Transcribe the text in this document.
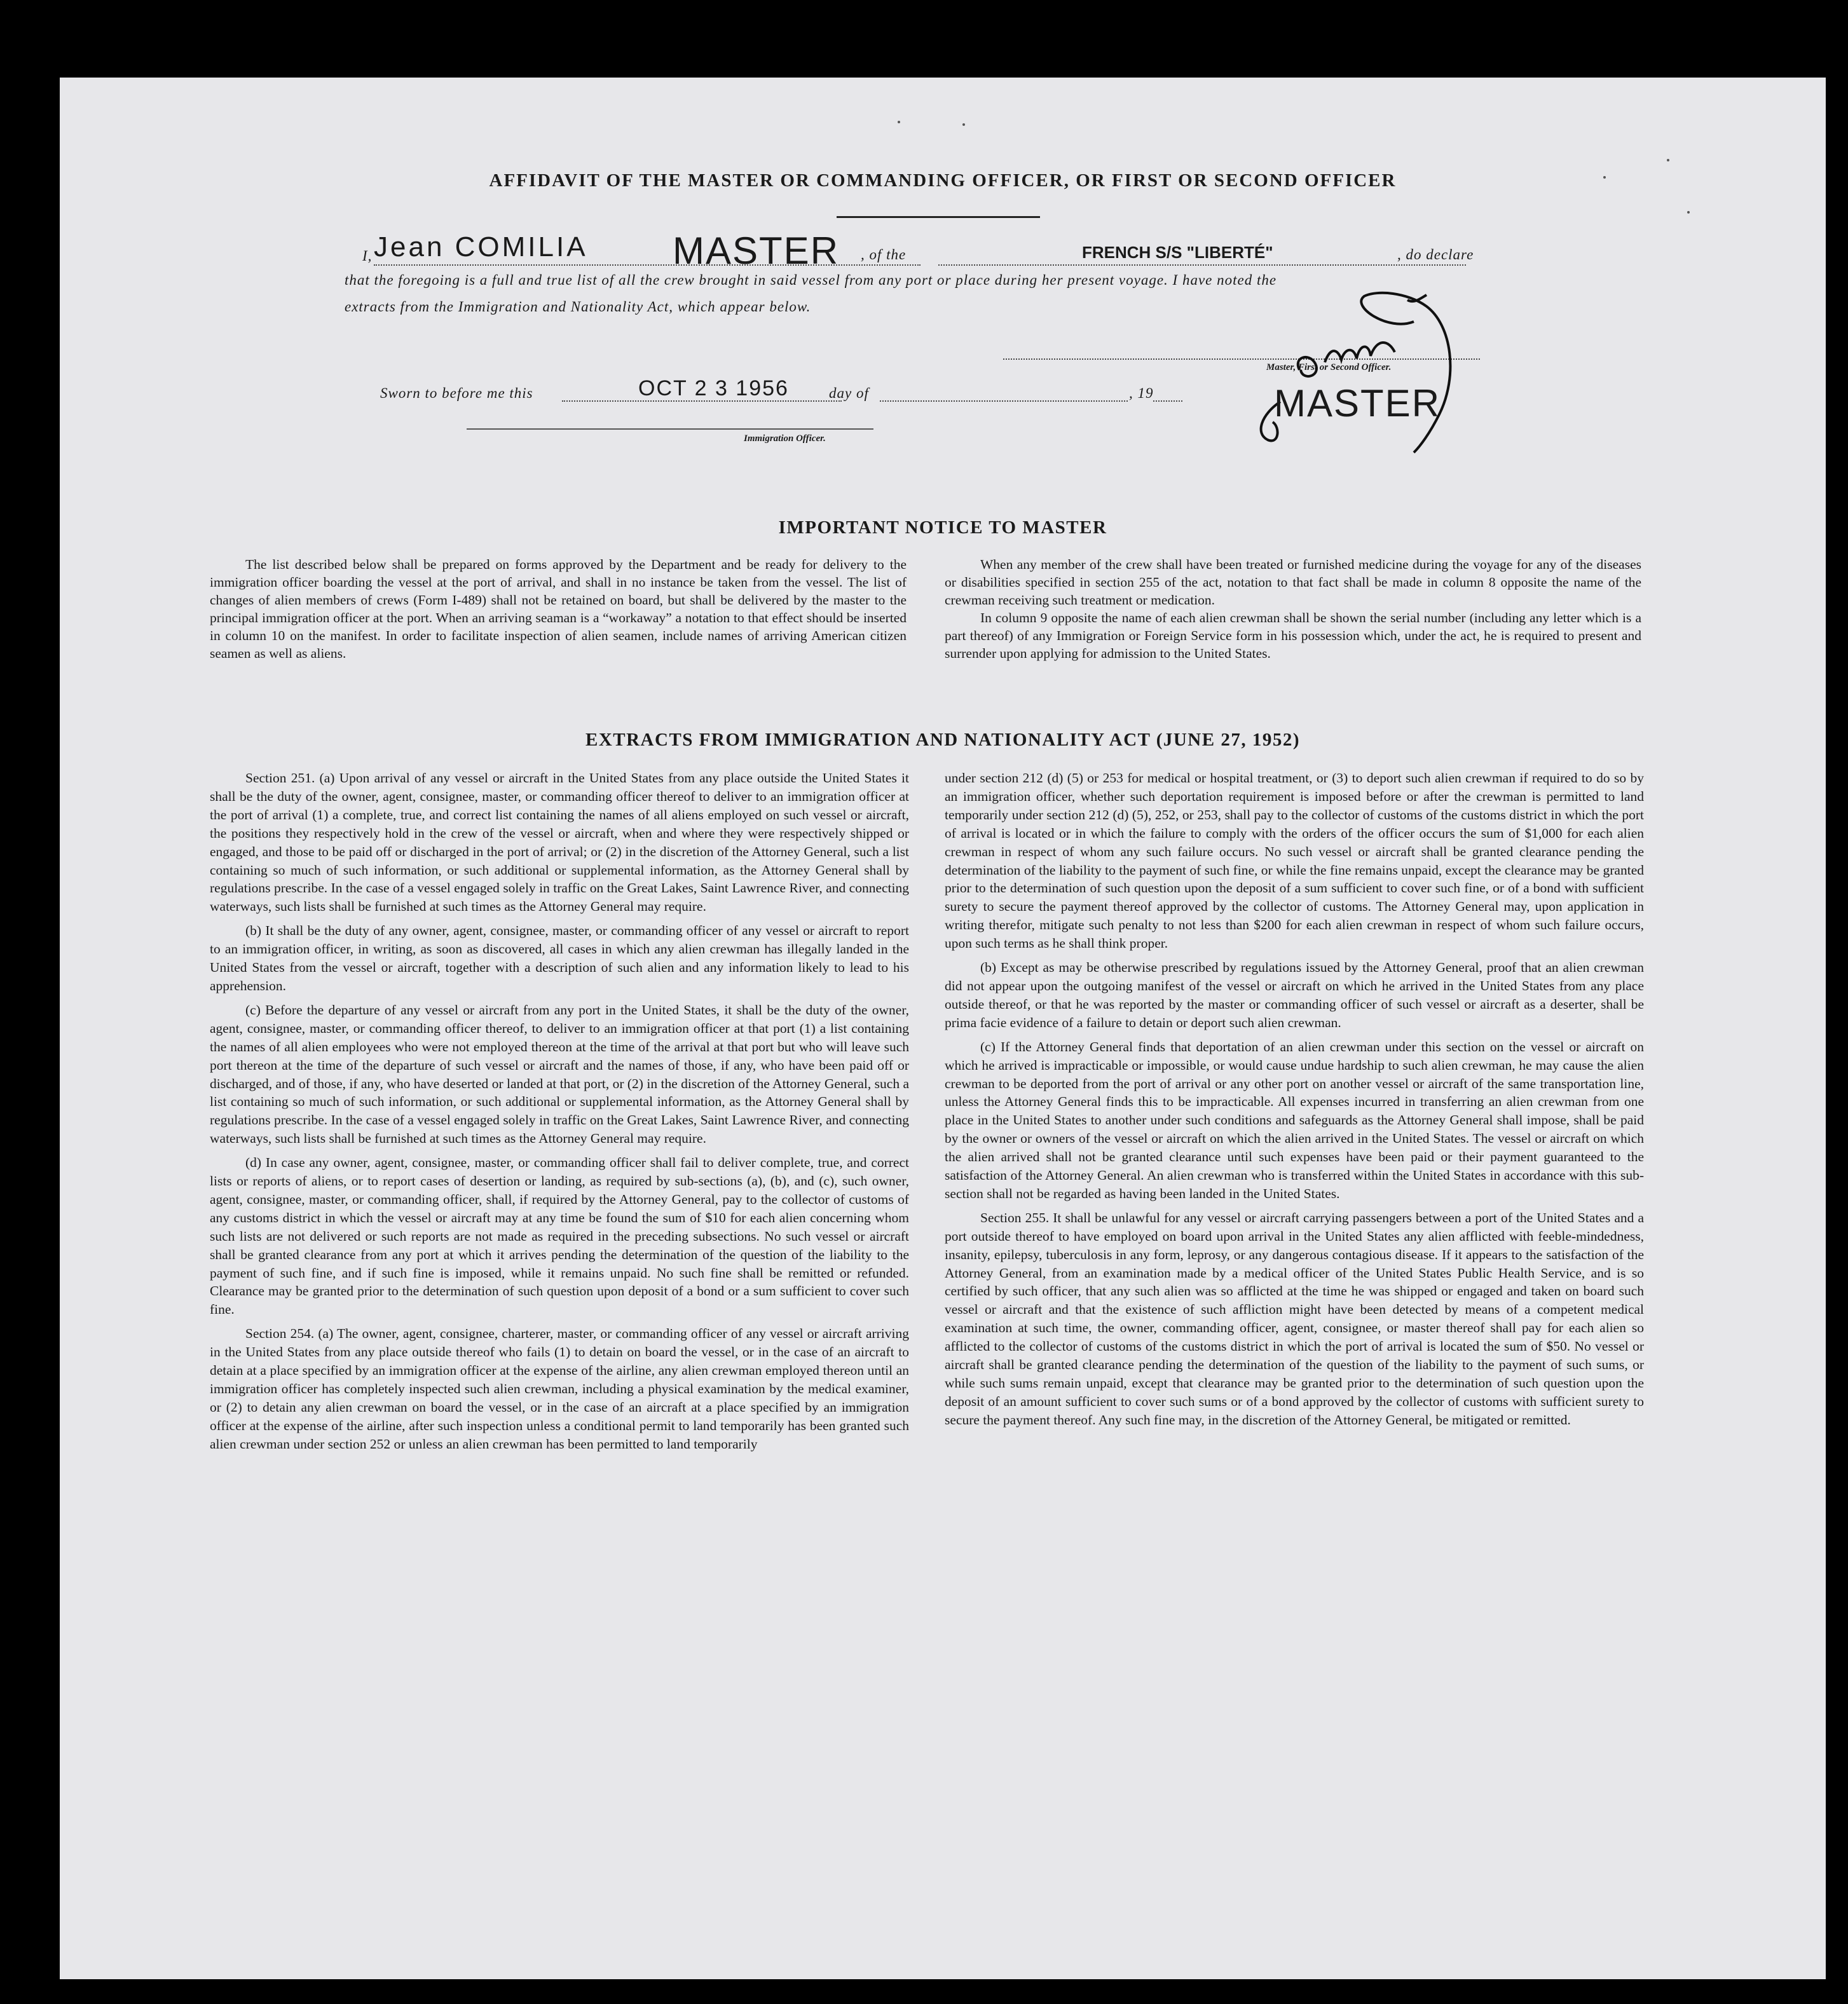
AFFIDAVIT OF THE MASTER OR COMMANDING OFFICER, OR FIRST OR SECOND OFFICER
I, Jean COMILIA MASTER , of the	FRENCH S/S "LIBERTÉ"	, do declare
that the foregoing is a full and true list of all the crew brought in said vessel from any port or place during her present voyage. I have noted the
extracts from the Immigration and Nationality Act, which appear below.
Sworn to before me this	OCT 2 3 1956	day of	, 19
Immigration Officer.
Master, First or Second Officer.
MASTER
IMPORTANT NOTICE TO MASTER

The list described below shall be prepared on forms approved by the Department and be ready for delivery to the immigration officer boarding the vessel at the port of arrival, and shall in no instance be taken from the vessel. The list of changes of alien members of crews (Form I-489) shall not be retained on board, but shall be delivered by the master to the principal immigration officer at the port. When an arriving seaman is a “workaway” a notation to that effect should be inserted in column 10 on the manifest. In order to facilitate inspection of alien seamen, include names of arriving American citizen seamen as well as aliens.

When any member of the crew shall have been treated or furnished medicine during the voyage for any of the diseases or disabilities specified in section 255 of the act, notation to that fact shall be made in column 8 opposite the name of the crewman receiving such treatment or medication.

In column 9 opposite the name of each alien crewman shall be shown the serial number (including any letter which is a part thereof) of any Immigration or Foreign Service form in his possession which, under the act, he is required to present and surrender upon applying for admission to the United States.

EXTRACTS FROM IMMIGRATION AND NATIONALITY ACT (JUNE 27, 1952)

Section 251. (a) Upon arrival of any vessel or aircraft in the United States from any place outside the United States it shall be the duty of the owner, agent, consignee, master, or commanding officer thereof to deliver to an immigration officer at the port of arrival (1) a complete, true, and correct list containing the names of all aliens employed on such vessel or aircraft, the positions they respectively hold in the crew of the vessel or aircraft, when and where they were respectively shipped or engaged, and those to be paid off or discharged in the port of arrival; or (2) in the discretion of the Attorney General, such a list containing so much of such information, or such additional or supplemental information, as the Attorney General shall by regulations prescribe. In the case of a vessel engaged solely in traffic on the Great Lakes, Saint Lawrence River, and connecting waterways, such lists shall be furnished at such times as the Attorney General may require.

(b) It shall be the duty of any owner, agent, consignee, master, or commanding officer of any vessel or aircraft to report to an immigration officer, in writing, as soon as discovered, all cases in which any alien crewman has illegally landed in the United States from the vessel or aircraft, together with a description of such alien and any information likely to lead to his apprehension.

(c) Before the departure of any vessel or aircraft from any port in the United States, it shall be the duty of the owner, agent, consignee, master, or commanding officer thereof, to deliver to an immigration officer at that port (1) a list containing the names of all alien employees who were not employed thereon at the time of the arrival at that port but who will leave such port thereon at the time of the departure of such vessel or aircraft and the names of those, if any, who have been paid off or discharged, and of those, if any, who have deserted or landed at that port, or (2) in the discretion of the Attorney General, such a list containing so much of such information, or such additional or supplemental information, as the Attorney General shall by regulations prescribe. In the case of a vessel engaged solely in traffic on the Great Lakes, Saint Lawrence River, and connecting waterways, such lists shall be furnished at such times as the Attorney General may require.

(d) In case any owner, agent, consignee, master, or commanding officer shall fail to deliver complete, true, and correct lists or reports of aliens, or to report cases of desertion or landing, as required by sub-sections (a), (b), and (c), such owner, agent, consignee, master, or commanding officer, shall, if required by the Attorney General, pay to the collector of customs of any customs district in which the vessel or aircraft may at any time be found the sum of $10 for each alien concerning whom such lists are not delivered or such reports are not made as required in the preceding subsections. No such vessel or aircraft shall be granted clearance from any port at which it arrives pending the determination of the question of the liability to the payment of such fine, and if such fine is imposed, while it remains unpaid. No such fine shall be remitted or refunded. Clearance may be granted prior to the determination of such question upon deposit of a bond or a sum sufficient to cover such fine.

Section 254. (a) The owner, agent, consignee, charterer, master, or commanding officer of any vessel or aircraft arriving in the United States from any place outside thereof who fails (1) to detain on board the vessel, or in the case of an aircraft to detain at a place specified by an immigration officer at the expense of the airline, any alien crewman employed thereon until an immigration officer has completely inspected such alien crewman, including a physical examination by the medical examiner, or (2) to detain any alien crewman on board the vessel, or in the case of an aircraft at a place specified by an immigration officer at the expense of the airline, after such inspection unless a conditional permit to land temporarily has been granted such alien crewman under section 252 or unless an alien crewman has been permitted to land temporarily

under section 212 (d) (5) or 253 for medical or hospital treatment, or (3) to deport such alien crewman if required to do so by an immigration officer, whether such deportation requirement is imposed before or after the crewman is permitted to land temporarily under section 212 (d) (5), 252, or 253, shall pay to the collector of customs of the customs district in which the port of arrival is located or in which the failure to comply with the orders of the officer occurs the sum of $1,000 for each alien crewman in respect of whom any such failure occurs. No such vessel or aircraft shall be granted clearance pending the determination of the liability to the payment of such fine, or while the fine remains unpaid, except the clearance may be granted prior to the determination of such question upon the deposit of a sum sufficient to cover such fine, or of a bond with sufficient surety to secure the payment thereof approved by the collector of customs. The Attorney General may, upon application in writing therefor, mitigate such penalty to not less than $200 for each alien crewman in respect of whom such failure occurs, upon such terms as he shall think proper.

(b) Except as may be otherwise prescribed by regulations issued by the Attorney General, proof that an alien crewman did not appear upon the outgoing manifest of the vessel or aircraft on which he arrived in the United States from any place outside thereof, or that he was reported by the master or commanding officer of such vessel or aircraft as a deserter, shall be prima facie evidence of a failure to detain or deport such alien crewman.

(c) If the Attorney General finds that deportation of an alien crewman under this section on the vessel or aircraft on which he arrived is impracticable or impossible, or would cause undue hardship to such alien crewman, he may cause the alien crewman to be deported from the port of arrival or any other port on another vessel or aircraft of the same transportation line, unless the Attorney General finds this to be impracticable. All expenses incurred in transferring an alien crewman from one place in the United States to another under such conditions and safeguards as the Attorney General shall impose, shall be paid by the owner or owners of the vessel or aircraft on which the alien arrived in the United States. The vessel or aircraft on which the alien arrived shall not be granted clearance until such expenses have been paid or their payment guaranteed to the satisfaction of the Attorney General. An alien crewman who is transferred within the United States in accordance with this sub-section shall not be regarded as having been landed in the United States.

Section 255. It shall be unlawful for any vessel or aircraft carrying passengers between a port of the United States and a port outside thereof to have employed on board upon arrival in the United States any alien afflicted with feeble-mindedness, insanity, epilepsy, tuberculosis in any form, leprosy, or any dangerous contagious disease. If it appears to the satisfaction of the Attorney General, from an examination made by a medical officer of the United States Public Health Service, and is so certified by such officer, that any such alien was so afflicted at the time he was shipped or engaged and taken on board such vessel or aircraft and that the existence of such affliction might have been detected by means of a competent medical examination at such time, the owner, commanding officer, agent, consignee, or master thereof shall pay for each alien so afflicted to the collector of customs of the customs district in which the port of arrival is located the sum of $50. No vessel or aircraft shall be granted clearance pending the determination of the question of the liability to the payment of such sums, or while such sums remain unpaid, except that clearance may be granted prior to the determination of such question upon the deposit of an amount sufficient to cover such sums or of a bond approved by the collector of customs with sufficient surety to secure the payment thereof. Any such fine may, in the discretion of the Attorney General, be mitigated or remitted.
